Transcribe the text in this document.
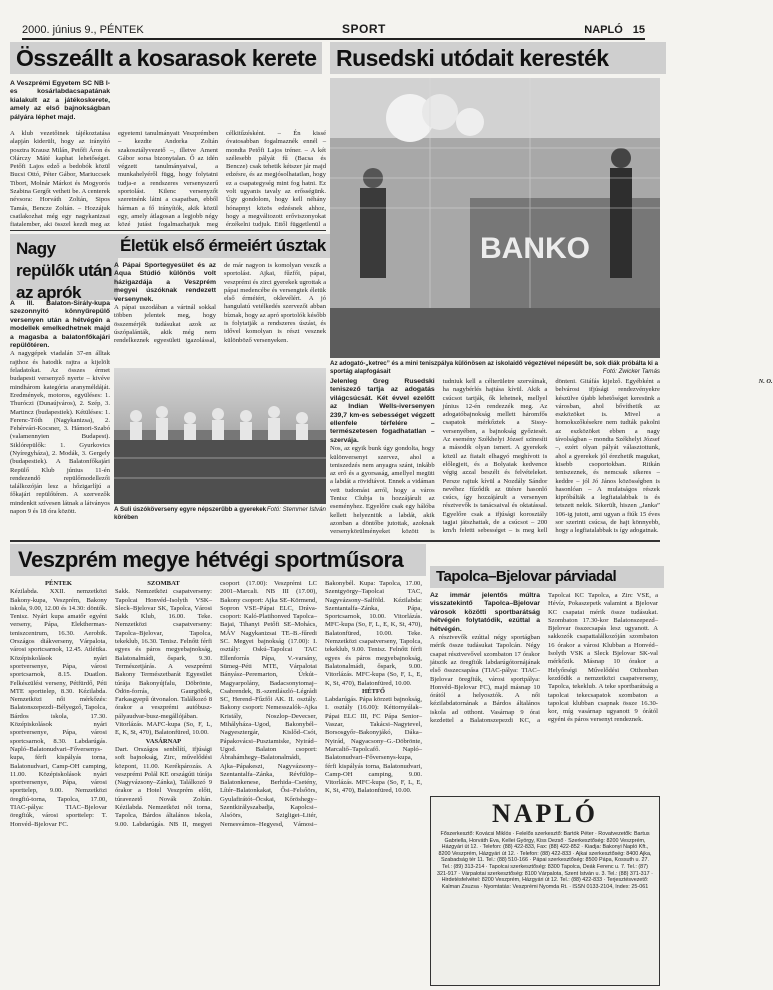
2000. június 9., PÉNTEK	SPORT	NAPLÓ 15
Összeállt a kosarasok kerete
A Veszprémi Egyetem SC NB I-es kosárlabdacsapatának kialakult az a játékoskerete, amely az első bajnokságban pályára léphet majd.
A klub vezetőinek tájékoztatása alapján kiderült, hogy az irányító posztra Krausz Milán, Petőfi Áron és Olárczy Máté kaphat lehetőséget. Petőfi Lajos edző a bedobók közül Bucsi Ottó, Péter Gábor, Mariuccsek Tibort, Molnár Márkot és Mogyorós Szabina Gergőt vetheti be. A centerek névsora: Horváth Zoltán, Sipos Tamás, Bencze Zoltán. – Hozzájuk csatlakozhat még egy nagykanizsai fiatalember, aki összel kezdi meg az egyetemi tanulmányait Veszprémben – kezdte Andorka Zoltán szakosztályvezető –, illetve Ament Gábor sorsa bizonytalan. Ő az idén végzett tanulmányaival, a munkahelyéről függ, hogy folytatni tudja-e a rendszeres versenyszerű sportolást. Kilenc versenyzőt szeretnénk látni a csapatban, ebből hárman a fő irányítók, akik közül egy, amely átlagosan a legjobb négy közé jutást fogalmazhatjuk meg célkitűzésként. – Én kissé óvatosabban fogalmaznék ennél – mondta Petőfi Lajos tréner. – A két szélesebb pályát fű (Bacsa és Bencze) csak tehetik kétszer jár majd edzésre, és az megjósolhatatlan, hogy ez a csapategység mint fog hatni. Ez volt ugyanis tavaly az erősségünk. Úgy gondolom, hogy kell néhány hónapnyi közös edzésnek ahhoz, hogy a megváltozott erőviszonyokat érzékelni tudjuk. Ettől függetlenül a
Nagy repülők után az aprók
A III. Balaton-Sirály-kupa szezonnyitó könnyűrepülő versenyen után a hétvégén a modellek emelkedhetnek majd a magasba a balatonfőkajári repülőtéren.
A nagygépek viadalán 37-en álltak rajthoz és hatodik rajtra a kijelölt feladatokat. Az összes érmet budapesti versenyző nyerte – kivéve mindhárom kategória aranyméldáját. Eredmények, motoros, együléses: 1. Thuróczi (Dunaújváros), 2. Szép, 3. Martincz (budapestiek). Kétüléses: 1. Ferenc-Tóth (Nagykanizsa), 2. Fehérvári-Kocsner, 3. Hámori-Szabó (valamennyien Budapest). Siklórepülők: 1. Gyurkovics (Nyíregyháza), 2. Modák, 3. Gergely (budapestiek). A Balatonfőkajári Repülő Klub június 11-én rendezendő repülőmodellezői találkozóján lesz a hőzigarlíjú a főkajári repülőtéren. A szervezők mindenkit szívesen látnak a látványos napon 9 és 18 óra között.
Életük első érmeiért úsztak
A Pápai Sportegyesület és az Aqua Stúdió különös volt házigazdája a Veszprém megyei úszóknak rendezett versenynek.
A pápai uszodában a vártnál sokkal többen jelentek meg, hogy összemérjék tudásukat azok az úszópalánták, akik még nem rendelkeznek egyesületi igazolással, de már nagyon is komolyan veszik a sportolást. Ajkai, fűzfői, pápai, veszprémi és zirci gyerekek ugrottak a pápai medencébe és versengtek életük első érméiért, oklevélért. A jó hangulatú vetélkedés szervezői abban bíznak, hogy az apró sportolók később is folytatják a rendszeres úszást, és idővel komolyan is részt vesznek különböző versenyeken.
Fotó: Stemmer István
A Suli úszóköverseny egyre népszerűbb a gyerekek körében
Rusedski utódait keresték
BANKO
Az adogató-„ketrec” és a mini teniszpálya különösen az iskolaidő végeztével népesült be, sok diák próbálta ki a sportág alapfogásait	Fotó: Zwicker Tamás
Jelenleg Greg Rusedski teniszező tartja az adogatás világcsúcsát. Két évvel ezelőtt az Indian Wells-iversenyen 239,7 km-es sebességet végzett ellenfele térfelére – természetesen fogadhatatlan – szervája.
Nos, az egyik bunk úgy gondolta, hogy különversenyt szervez, ahol a teniszedzés nem anyagra szánt, inkább az erő és a gyorsaság, amellyel megüti a labdát a rövidtávot. Ennek a vidáman vett tudomást arról, hogy a város Tenisz Clubja is hozzájárult az eseményhez. Egyelőre csak egy hálóba kellett helyezniük a labdát, akik azonban a döntőbe jutottak, azoknak versenykörülményeket között is tudniuk kell a célterületre szerváinak, ha nagybérlés hajtása kívül. Akik a csúcsot tartják, ők lehetnek, mellyel június 12-én rendezzék meg. Az adogatóbajnokság mellett háromfős csapatok mérkőztek a Sissy-versenyében, a bajnokság győztesét. Az esemény Székhelyi József szinesíti a második olyan ismert. A gyerekek közül az fiatalt elhagyó meghívott is előlegjeit, és a Bolyaiak kedvence végig azzal beszélt és felvételeket. Persze rajtuk kívül a Nozdály Sándor nevéhez fűződik az ütésre hasonló csúcs, így hozzájárult a versenyen résztvevők is tanácsaival és oktatással. Egyelőre csak a ifjúsági korosztály tagjai játszhattak, de a csúcsot – 200 km/h feletti sebességet – is meg kell dönteni. Gitáfás kijelző. Egyébként a belvárosi ifjúsági rendezvényekre készülve újabb lehetőséget keresünk a városban, ahol bővíthetik az eszközöket is. Mivel a homokszőkésekre nem tudták pakolni az eszközöket ebben a nagy távolságban – mondta Székhelyi József –, ezért olyan pályát választottunk, ahol a gyerekek jól érezhetik magukat, kisebb csoportokban. Ritkán teniszeznek, és nemcsak sikeres – keddre – jól Jó János közösségben is hasonlóan – A mulatságos részek kipróbálták a legfiatalabbak is és tetszett nekik. Sikerült, hiszen „Janka” 106-ig jutott, ami ugyan a fiúk 15 éves sor szerinti csúcsa, de hajt könnyebb, hogy a legfiatalabbak is így adogatnak.
N. O.
Veszprém megye hétvégi sportműsora
PÉNTEK
Kézilabda. XXII. nemzetközi Bakony-kupa, Veszprém, Bakony iskola, 9.00, 12.00 és 14.30: döntők. Tenisz. Nyári kupa amatőr egyéni verseny, Pápa, Elekthermax-teniszcentrum, 16.30. Aerobik. Országos diákverseny, Várpalota, városi sportcsarnok, 12.45. Atlétika. Középiskolások nyári sportversenye, Pápa, városi sportcsarnok, 8.15. Duatlon. Felkészülési verseny, Pétfürdő, Péti MTE sporttelep, 8.30. Kézilabda. Nemzetközi női mérkőzés: Balatonszepezdi–Bélyegző, Tapolca, Bárdos iskola, 17.30. Középiskolások nyári sportversenye, Pápa, városi sportcsarnok, 8.30. Labdarúgás. Napló–Balatonudvari–Főversenys-kupa, férfi kispályás torna, Balatonudvari, Camp-OH camping, 11.00. Középiskolások nyári sportversenye, Pápa, városi sporttelep, 9.00. Nemzetközi öregfiú-torna, Tapolca, 17.00, TIAC-pálya: TIAC–Bjelovar öregfiúk, városi sporttelep: T. Honvéd–Bjelovar FC.
SZOMBAT
Sakk. Nemzetközi csapatverseny: Tapolcai Honvéd–Isolyth VSK–Sleck–Bjelovar SK, Tapolca, Városi Sakk Klub, 16.00. Teke. Nemzetközi csapatverseny: Tapolca–Bjelovar, Tapolca, tekeklub, 16.30. Tenisz. Felnőtt férfi egyes és páros megyebajnokság, Balatonalmádi, őspark, 9.30. Természetjárás. A veszprémi Bakony Természetbarát Egyesület túrája Bakonyújfalu, Döbrönte, Ödön-forrás, Gaurgöbök, Farkasgyepű útvonalon. Találkozó 8 órakor a veszprémi autóbusz-pályaudvar-busz-megállójában. Vitorlázás. MAFC-kupa (So, F, L, E, K, St, 470), Balatonfüred, 10.00.
VASÁRNAP
Dart. Országos senbílítí, ifjúsági soft bajnokság, Zirc, művelődési központ, 11.00. Kerékpározás. A veszprémi Polál KE országúti túrája (Nagyvázsony–Zánka), Találkozó 9 órakor a Hotel Veszprém előtt, túravezető Novák Zoltán. Kézilabda. Nemzetközi női torna, Tapolca, Bárdos általános iskola, 9.00. Labdarúgás. NB II, megyei csoport (17.00): Veszprémi LC 2001–Marcali. NB III (17.00), Bakony csoport: Ajka SE–Körmend, Sopron VSE–Pápai ELC, Dráva-csoport: Kaló-Platihonved Tapolca–Bajai, Tihanyi Petőfi SE–Mohács, MÁV Nagykanizsai TE–B.-fűredi SC. Megyei bajnokság (17.00): I. osztály: Oskú–Tapolcai TAC Ellenforrás Pápa, V.-varsány, Sümeg–Péti MTE, Várpalotai Bányász–Peremarton, Úrkút–Magyarpolány, Badacsonytomaj–Csabrendek, B.-szentlászló–Légrádi SC, Herend–Fűzfői AK. II. osztály. Bakony csoport: Nemesszalók–Ajka Kristály, Noszlop–Devecser, Mihályháza–Ugod, Bakonybél–Nagyesztergár, Kislőd–Csót, Pápakovácsi–Pusztamiske, Nyirád–Ugod. Balaton csoport: Ábrahámhegy–Balatonalmádi, Ajka–Pápakeszi, Nagyvázsony–Szentantalfa–Zánka, Révfülöp–Balatonkenese, Berhida–Csetény, Lítér–Balatonkakat, Ősi–Felsőörs, Gyulafirátót–Öcskai, Kőröshegy–Szentkirályszabadja, Kapolcsi–Alsóörs, Szigliget–Litér, Nemesvámos–Hegyesd, Vámosi–Bakonybél. Kupa: Tapolca, 17.00, Szentgyörgy–Tapolcai TAC, Nagyvázsony–Salföld. Kézilabda: Szentantalfa–Zánka, Pápa, Sportcsarnok, 10.00. Vitorlázás. MFC-kupa (So, F, L, E, K, St, 470), Balatonfüred, 10.00. Teke. Nemzetközi csapatverseny, Tapolca, tekeklub, 9.00. Tenisz. Felnőtt férfi egyes és páros megyebajnokság, Balatonalmádi, őspark, 9.00. Vitorlázás. MFC-kupa (So, F, L, E, K, St, 470), Balatonfüred, 10.00.
HÉTFŐ
Labdarúgás. Pápa körzeti bajnokság, I. osztály (16.00): Kéttornyúlak–Pápai ELC III, FC Pápa Senior–Vaszar, Takácsi–Nagytevel, Borsosgyőr–Bakonyjákó, Dáka–Nyirád, Nagyacsony–G.-Döbrönte, Marcaltő–Tapolcafő. Napló–Balatonudvari–Főversenys-kupa, férfi kispályás torna, Balatonudvari, Camp-OH camping, 9.00. Vitorlázás. MFC-kupa (So, F, L, E, K, St, 470), Balatonfüred, 10.00.
Tapolca–Bjelovar párviadal
Az immár jelentős múltra visszatekintő Tapolca–Bjelovar városok közötti sportbarátság hétvégén folytatódik, ezúttal a hétvégén.
A résztvevők ezúttal négy sportágban mérik össze tudásukat Tapolcán. Négy csapat résztvevővel szombaton 17 órakor játszik az öregfiúk labdarúgótornájának első összecsapása (TIAC-pálya: TIAC–Bjelovar öregfiúk, városi sportpálya: Honvéd–Bjelovar FC), majd másnap 10 órától a helyosztók. A női kézilabdatornának a Bárdos általános iskola ad otthont. Vasárnap 9 órai kezdettel a Balatonszepezdi KC, a Tapolcai KC Tapolca, a Zirc VSE, a Hévíz, Pokaszepetk valamint a Bjelovar KC csapatai mérik össze tudásukat. Szombaton 17.30-kor Balatonszepezd–Bjelovar összecsapás lesz ugyanott. A sakkozók csapattalálkozóján szombaton 16 órakor a városi Klubban a Honvéd–Isolyth VSK a Sleck Bjelovar SK-val mérkőzik. Másnap 10 órakor a Helyőrségi Művelődési Otthonban kezdődik a nemzetközi csapatverseny, Tapolca, tekeklub. A teke sportbarátság a tapolcai tekecsapatok szombaton a tapolcai klubban csapnak össze 16.30-kor, míg vasárnap ugyanott 9 órától egyéni és páros versenyt rendeznek.
NAPLÓ
Főszerkesztő: Kovácsi Miklós · Felelős szerkesztő: Bartók Péter · Rovatvezetők: Bartus Gabriella, Horváth Eva, Kellei György, Kiss Dezső · Szerkesztőség: 8200 Veszprém, Házgyári út 12. · Telefon: (88) 422-833, Fax: (88) 422-852 · Kiadja: Bakonyi Napló Kft., 8200 Veszprém, Házgyári út 12. · Telefon: (88) 422-833 · Ajkai szerkesztőség: 8400 Ajka, Szabadság tér 11. Tel.: (88) 510-166 · Pápai szerkesztőség: 8500 Pápa, Kossuth u. 27. Tel.: (89) 313-214 · Tapolcai szerkesztőség: 8300 Tapolca, Deák Ferenc u. 7. Tel.: (87) 321-917 · Várpalotai szerkesztőség: 8100 Várpalota, Szent István u. 3. Tel.: (88) 371-317 · Hirdetésfelvétel: 8200 Veszprém, Házgyári út 12. Tel.: (88) 422-833 · Terjesztésvezető: Kalman Zsuzsa · Nyomtatás: Veszprémi Nyomda Rt. · ISSN 0133-2104, Index: 25-061
